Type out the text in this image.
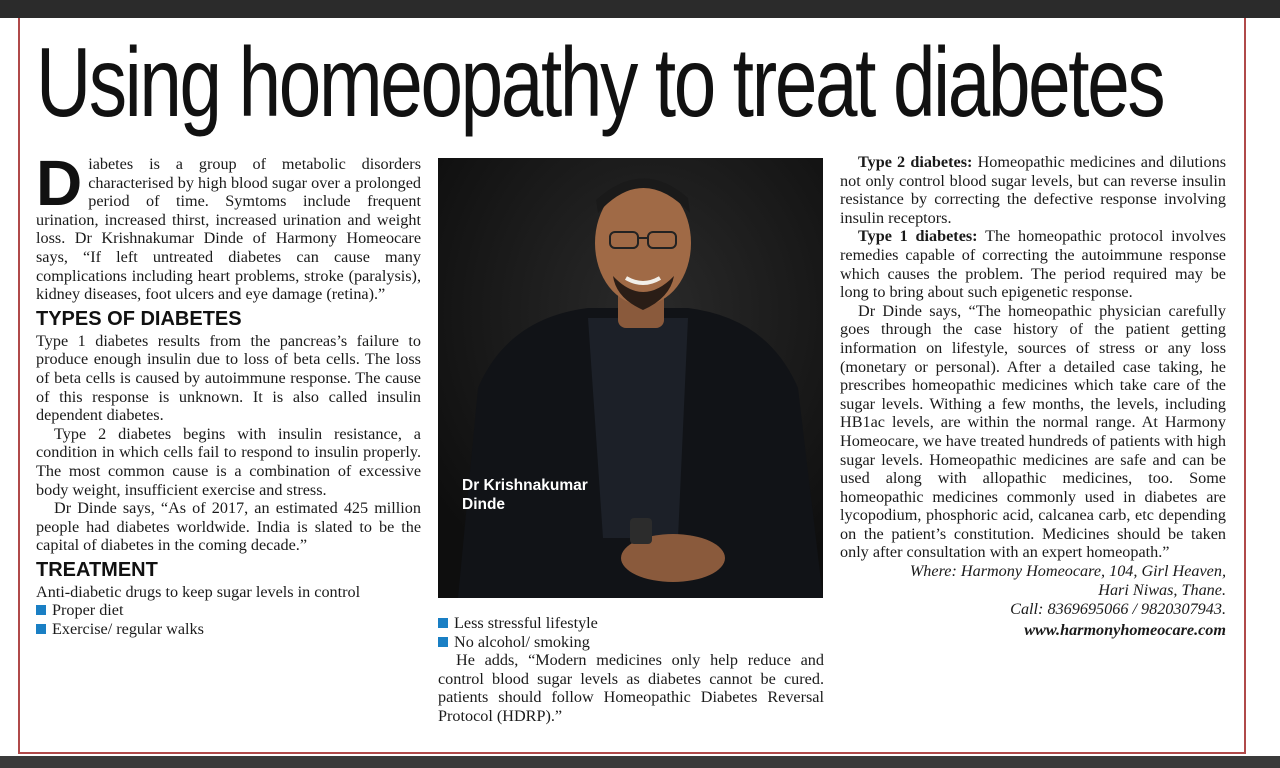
Using homeopathy to treat diabetes

Diabetes is a group of metabolic disorders characterised by high blood sugar over a prolonged period of time. Symtoms include frequent urination, increased thirst, increased urination and weight loss. Dr Krishnakumar Dinde of Harmony Homeocare says, “If left untreated diabetes can cause many complications including heart problems, stroke (paralysis), kidney diseases, foot ulcers and eye damage (retina).”

TYPES OF DIABETES

Type 1 diabetes results from the pancreas’s failure to produce enough insulin due to loss of beta cells. The loss of beta cells is caused by autoimmune response. The cause of this response is unknown. It is also called insulin dependent diabetes.

Type 2 diabetes begins with insulin resistance, a condition in which cells fail to respond to insulin properly. The most common cause is a combination of excessive body weight, insufficient exercise and stress.

Dr Dinde says, “As of 2017, an estimated 425 million people had diabetes worldwide. India is slated to be the capital of diabetes in the coming decade.”

TREATMENT

Anti-diabetic drugs to keep sugar levels in control

Proper diet
Exercise/ regular walks
Dr Krishnakumar
Dinde
Less stressful lifestyle
No alcohol/ smoking

He adds, “Modern medicines only help reduce and control blood sugar levels as diabetes cannot be cured. patients should follow Homeopathic Diabetes Reversal Protocol (HDRP).”

Type 2 diabetes: Homeopathic medicines and dilutions not only control blood sugar levels, but can reverse insulin resistance by correcting the defective response involving insulin receptors.

Type 1 diabetes: The homeopathic protocol involves remedies capable of correcting the autoimmune response which causes the problem. The period required may be long to bring about such epigenetic response.

Dr Dinde says, “The homeopathic physician carefully goes through the case history of the patient getting information on lifestyle, sources of stress or any loss (monetary or personal). After a detailed case taking, he prescribes homeopathic medicines which take care of the sugar levels. Withing a few months, the levels, including HB1ac levels, are within the normal range. At Harmony Homeocare, we have treated hundreds of patients with high sugar levels. Homeopathic medicines are safe and can be used along with allopathic medicines, too. Some homeopathic medicines commonly used in diabetes are lycopodium, phosphoric acid, calcanea carb, etc depending on the patient’s constitution. Medicines should be taken only after consultation with an expert homeopath.”

Where: Harmony Homeocare, 104, Girl Heaven,
Hari Niwas, Thane.
Call: 8369695066 / 9820307943.
www.harmonyhomeocare.com
